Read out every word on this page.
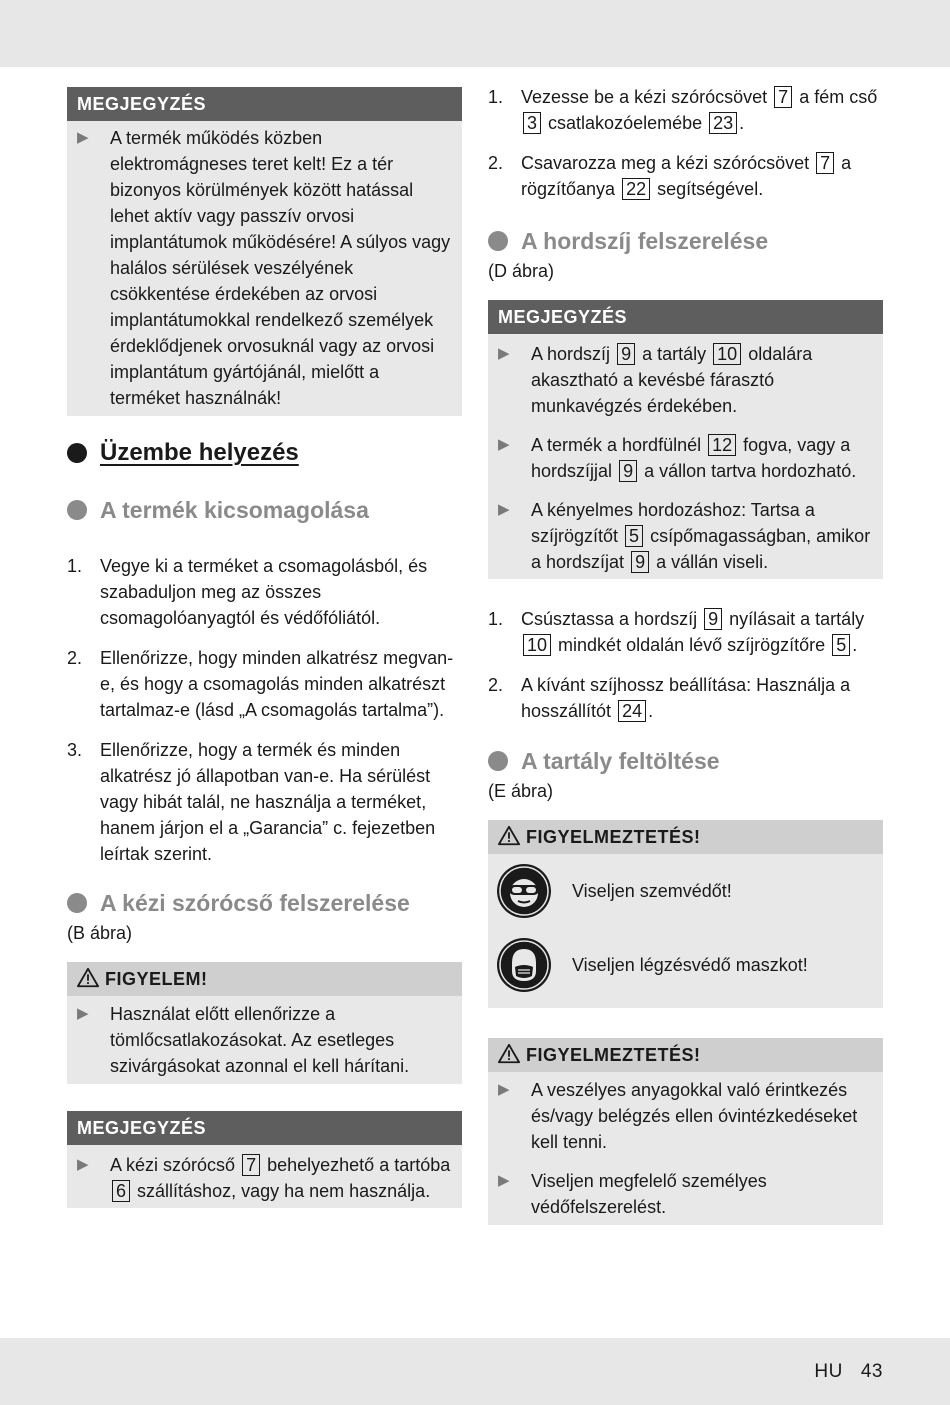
MEGJEGYZÉS
▶	A termék működés közben elektromágneses teret kelt! Ez a tér bizonyos körülmények között hatással lehet aktív vagy passzív orvosi implantátumok működésére! A súlyos vagy halálos sérülések veszélyének csökkentése érdekében az orvosi implantátumokkal rendelkező személyek érdeklődjenek orvosuknál vagy az orvosi implantátum gyártójánál, mielőtt a terméket használnák!
Üzembe helyezés
A termék kicsomagolása
1. Vegye ki a terméket a csomagolásból, és szabaduljon meg az összes csomagolóanyagtól és védőfóliától.
2. Ellenőrizze, hogy minden alkatrész megvan-e, és hogy a csomagolás minden alkatrészt tartalmaz-e (lásd „A csomagolás tartalma”).
3. Ellenőrizze, hogy a termék és minden alkatrész jó állapotban van-e. Ha sérülést vagy hibát talál, ne használja a terméket, hanem járjon el a „Garancia” c. fejezetben leírtak szerint.
A kézi szórócső felszerelése
(B ábra)
FIGYELEM!
▶	Használat előtt ellenőrizze a tömlőcsatlakozásokat. Az esetleges szivárgásokat azonnal el kell hárítani.
MEGJEGYZÉS
▶	A kézi szórócső 7 behelyezhető a tartóba 6 szállításhoz, vagy ha nem használja.
1. Vezesse be a kézi szórócsövet 7 a fém cső 3 csatlakozóelemébe 23 .
2. Csavarozza meg a kézi szórócsövet 7 a rögzítőanya 22 segítségével.
A hordszíj felszerelése
(D ábra)
MEGJEGYZÉS
▶	A hordszíj 9 a tartály 10 oldalára akasztható a kevésbé fárasztó munkavégzés érdekében.
▶	A termék a hordfülnél 12 fogva, vagy a hordszíjjal 9 a vállon tartva hordozható.
▶	A kényelmes hordozáshoz: Tartsa a szíjrögzítőt 5 csípőmagasságban, amikor a hordszíjat 9 a vállán viseli.
1. Csúsztassa a hordszíj 9 nyílásait a tartály 10 mindkét oldalán lévő szíjrögzítőre 5 .
2. A kívánt szíjhossz beállítása: Használja a hosszállítót 24 .
A tartály feltöltése
(E ábra)
FIGYELMEZTETÉS!
Viseljen szemvédőt!
Viseljen légzésvédő maszkot!
FIGYELMEZTETÉS!
▶	A veszélyes anyagokkal való érintkezés és/vagy belégzés ellen óvintézkedéseket kell tenni.
▶	Viseljen megfelelő személyes védőfelszerelést.
HU 43
